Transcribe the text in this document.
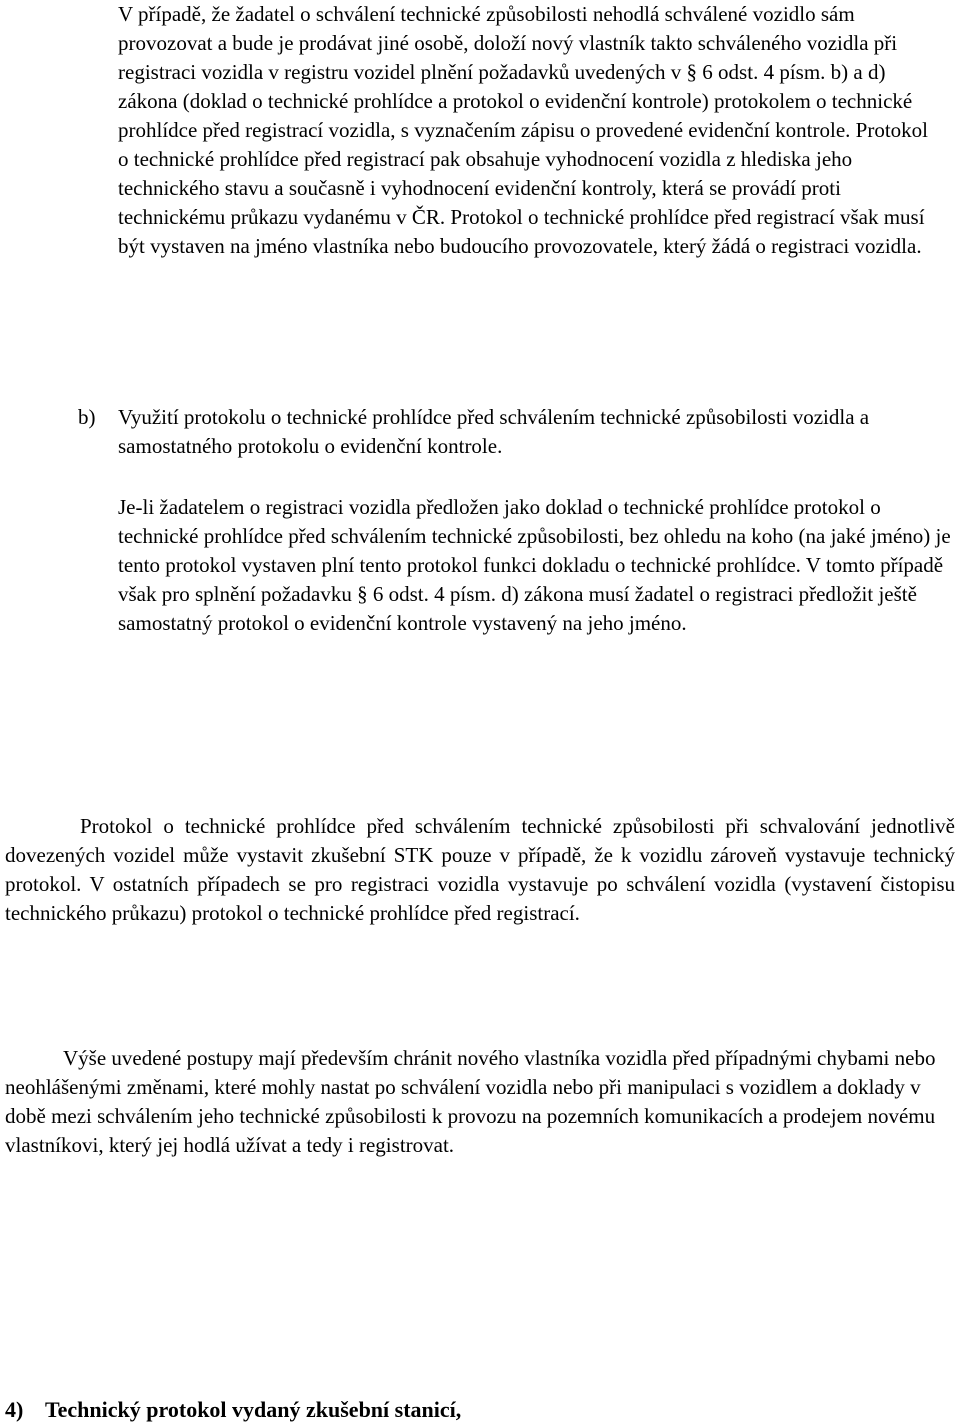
V případě, že žadatel o schválení technické způsobilosti nehodlá schválené vozidlo sám provozovat a bude je prodávat jiné osobě, doloží nový vlastník takto schváleného vozidla při registraci vozidla v registru vozidel plnění požadavků uvedených v § 6 odst. 4 písm. b) a d) zákona (doklad o technické prohlídce a protokol o evidenční kontrole) protokolem o technické prohlídce před registrací vozidla, s vyznačením zápisu o provedené evidenční kontrole. Protokol o technické prohlídce před registrací pak obsahuje vyhodnocení vozidla z hlediska jeho technického stavu a současně i vyhodnocení evidenční kontroly, která se provádí proti technickému průkazu vydanému v ČR. Protokol o technické prohlídce před registrací však musí být vystaven na jméno vlastníka nebo budoucího provozovatele, který žádá o registraci vozidla.

b) Využití protokolu o technické prohlídce před schválením technické způsobilosti vozidla a samostatného protokolu o evidenční kontrole.

Je-li žadatelem o registraci vozidla předložen jako doklad o technické prohlídce protokol o technické prohlídce před schválením technické způsobilosti, bez ohledu na koho (na jaké jméno) je tento protokol vystaven plní tento protokol funkci dokladu o technické prohlídce. V tomto případě však pro splnění požadavku § 6 odst. 4 písm. d) zákona musí žadatel o registraci předložit ještě samostatný protokol o evidenční kontrole vystavený na jeho jméno.

Protokol o technické prohlídce před schválením technické způsobilosti při schvalování jednotlivě dovezených vozidel může vystavit zkušební STK pouze v případě, že k vozidlu zároveň vystavuje technický protokol. V ostatních případech se pro registraci vozidla vystavuje po schválení vozidla (vystavení čistopisu technického průkazu) protokol o technické prohlídce před registrací.

Výše uvedené postupy mají především chránit nového vlastníka vozidla před případnými chybami nebo neohlášenými změnami, které mohly nastat po schválení vozidla nebo při manipulaci s vozidlem a doklady v době mezi schválením jeho technické způsobilosti k provozu na pozemních komunikacích a prodejem novému vlastníkovi, který jej hodlá užívat a tedy i registrovat.

4) Technický protokol vydaný zkušební stanicí,
